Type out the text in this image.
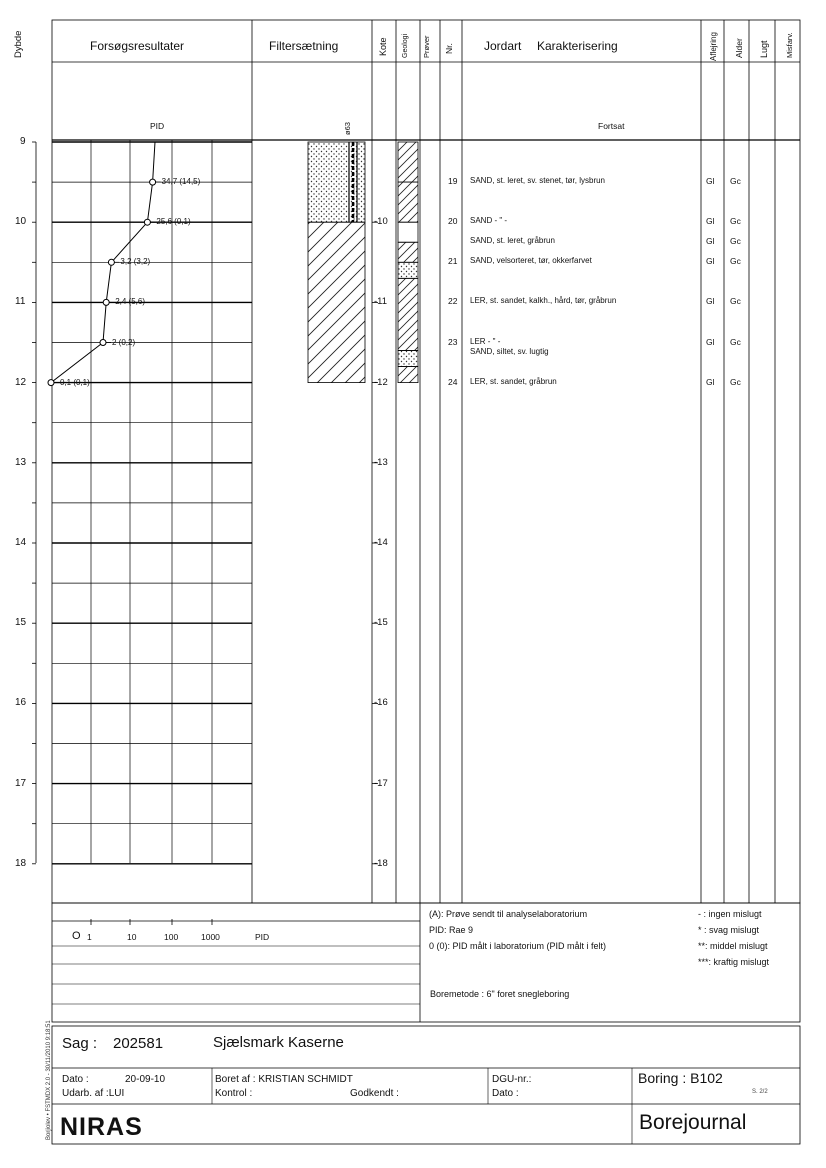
Dybde	Forsøgsresultater	Filtersætning	Kote Geologi Prøver Nr.	Jordart Karakterisering	Aflejring Alder Lugt Misfarv.
PID	Fortsat
ø63
9
10
11
12
13
14
15
16
17
18
-10
-11
-12
-13
-14
-15
-16
-17
-18
34,7 (14,5)
25,6 (0,1)
3,2 (3,2)
2,4 (5,6)
2 (0,2)
0,1 (0,1)
19 SAND, st. leret, sv. stenet, tør, lysbrun	Gl Gc
20 SAND - " -	Gl Gc
SAND, st. leret, gråbrun	Gl Gc
21 SAND, velsorteret, tør, okkerfarvet	Gl Gc
22 LER, st. sandet, kalkh., hård, tør, gråbrun	Gl Gc
23 LER - " -	Gl Gc
SAND, siltet, sv. lugtig
24 LER, st. sandet, gråbrun	Gl Gc
O 1	10	100	1000	PID
(A): Prøve sendt til analyselaboratorium
PID: Rae 9
0 (0): PID målt i laboratorium (PID målt i felt)
Boremetode : 6" foret snegleboring
- : ingen mislugt
* : svag mislugt
**: middel mislugt
***: kraftig mislugt
Sag : 202581	Sjælsmark Kaserne
Dato :	20-09-10
Udarb. af :LUI
Boret af : KRISTIAN SCHMIDT
Kontrol :	Godkendt :
DGU-nr.:
Dato :
Boring : B102
S. 2/2
NIRAS	Borejournal
Borjiolev • FSTMDX 2.0 - 30/11/2010 9:18:51
